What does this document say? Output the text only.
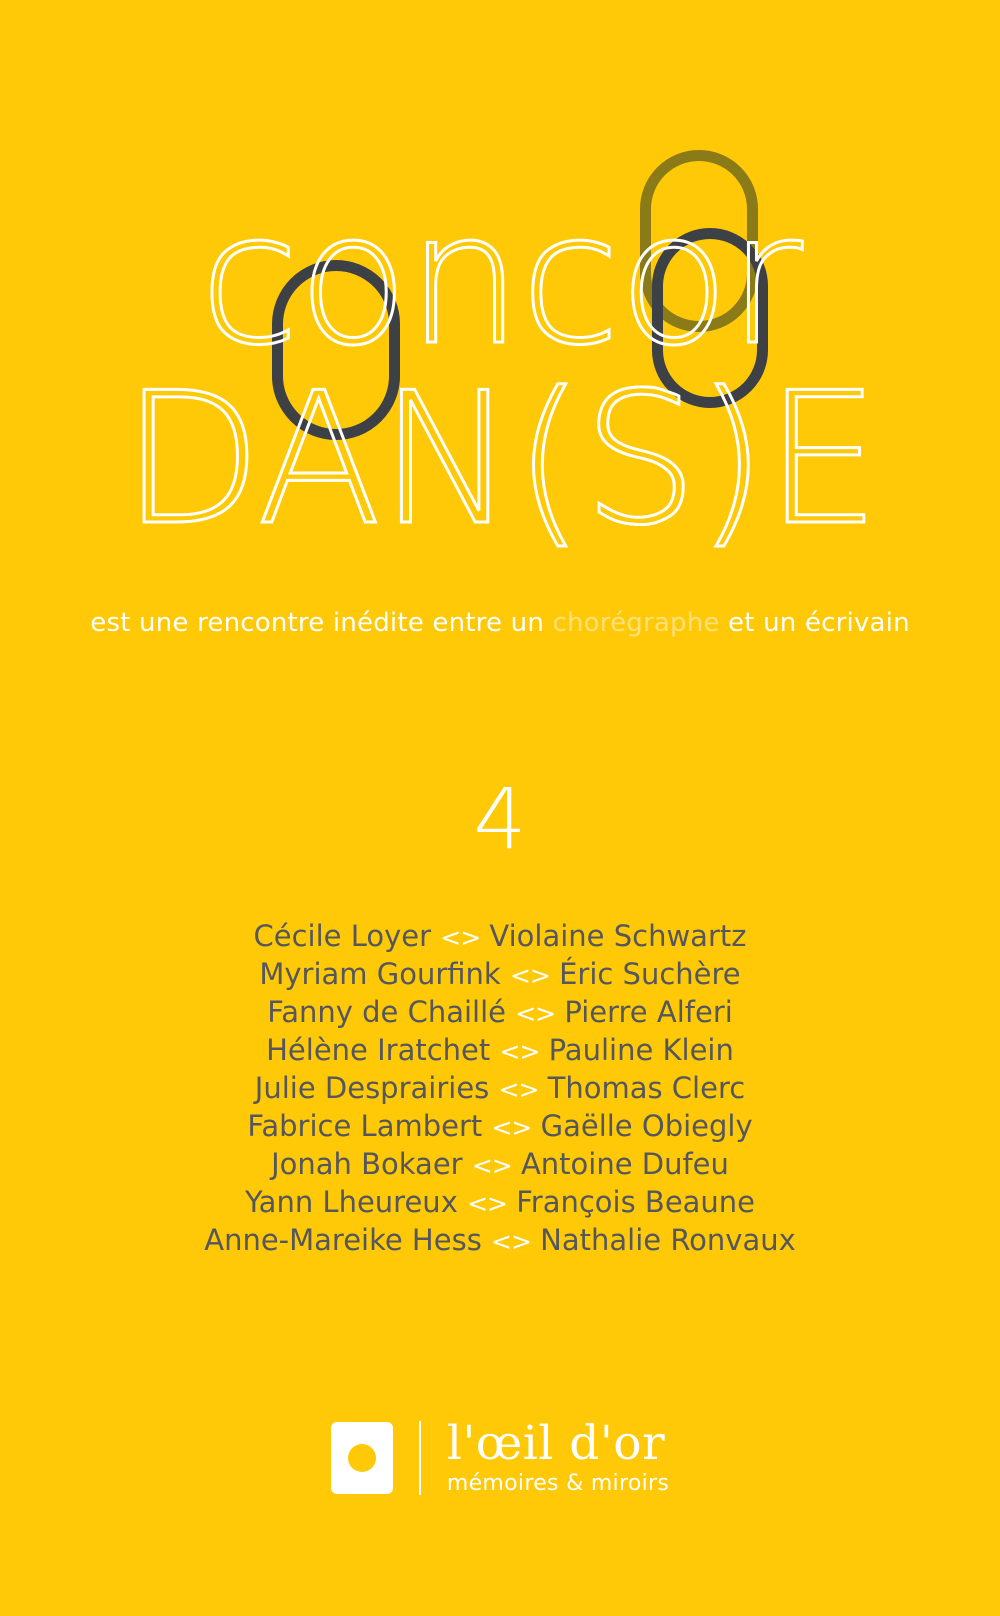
concor
DAN(S)E
est une rencontre inédite entre un chorégraphe et un écrivain
4
Cécile Loyer <> Violaine Schwartz
Myriam Gourfink <> Éric Suchère
Fanny de Chaillé <> Pierre Alferi
Hélène Iratchet <> Pauline Klein
Julie Desprairies <> Thomas Clerc
Fabrice Lambert <> Gaëlle Obiegly
Jonah Bokaer <> Antoine Dufeu
Yann Lheureux <> François Beaune
Anne-Mareike Hess <> Nathalie Ronvaux
l'œil d'or
mémoires & miroirs
